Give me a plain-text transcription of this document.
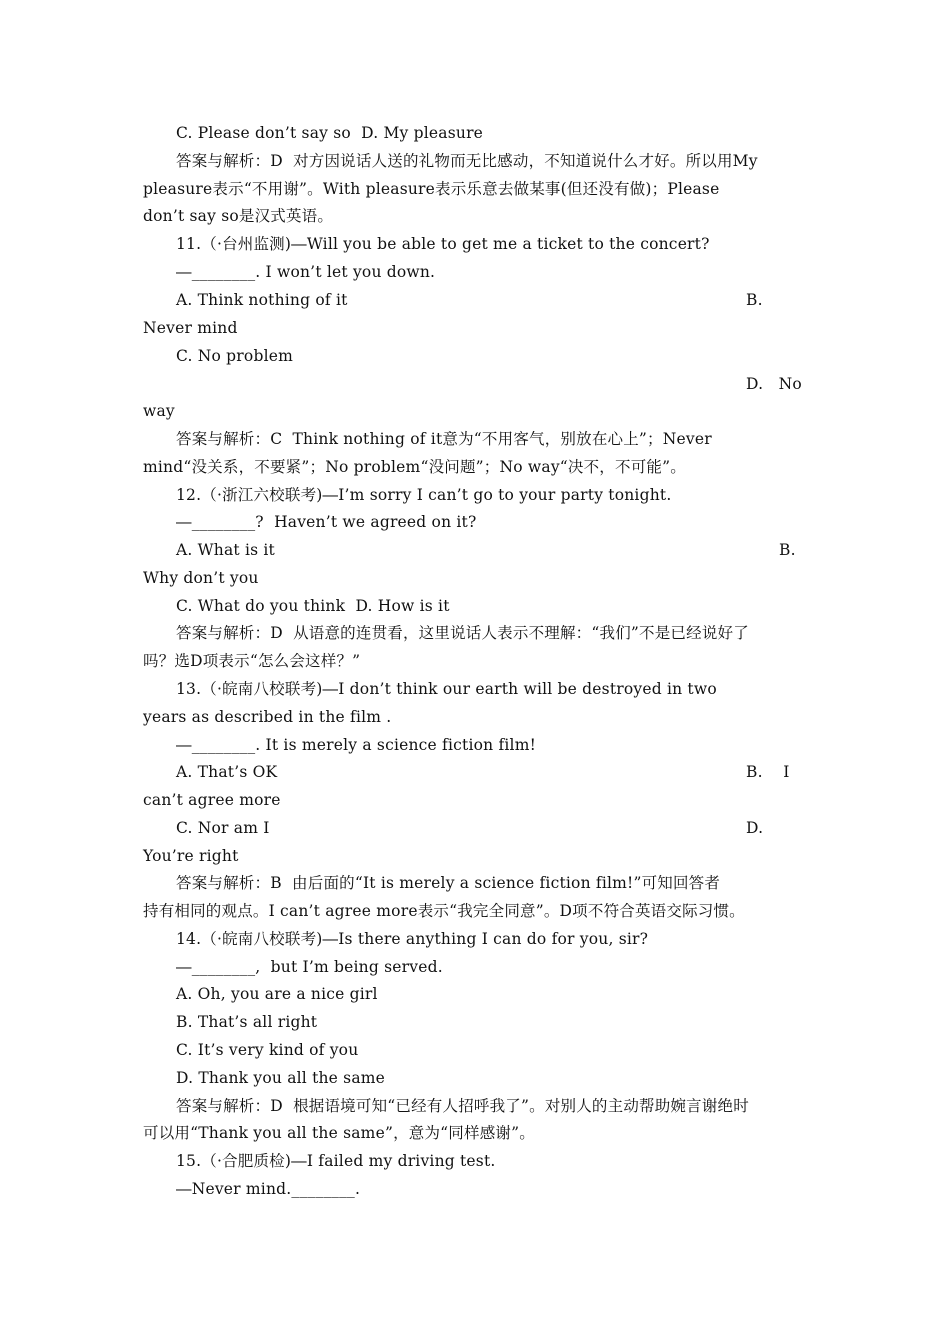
C. Please don’t say so  D. My pleasure
答案与解析：D  对方因说话人送的礼物而无比感动，不知道说什么才好。所以用My
pleasure表示“不用谢”。With pleasure表示乐意去做某事(但还没有做)；Please
don’t say so是汉式英语。
11.（·台州监测)―Will you be able to get me a ticket to the concert?
―________. I won’t let you down.
A. Think nothing of it	B.
Never mind
C. No problem
D.   No
way
答案与解析：C  Think nothing of it意为“不用客气，别放在心上”；Never
mind“没关系，不要紧”；No problem“没问题”；No way“决不，不可能”。
12.（·浙江六校联考)―I’m sorry I can’t go to your party tonight.
―________?  Haven’t we agreed on it?
A. What is it	B.
Why don’t you
C. What do you think  D. How is it
答案与解析：D  从语意的连贯看，这里说话人表示不理解：“我们”不是已经说好了
吗？选D项表示“怎么会这样？”
13.（·皖南八校联考)―I don’t think our earth will be destroyed in two
years as described in the film .
―________. It is merely a science fiction film!
A. That’s OK	B.    I
can’t agree more
C. Nor am I	D.
You’re right
答案与解析：B  由后面的“It is merely a science fiction film!”可知回答者
持有相同的观点。I can’t agree more表示“我完全同意”。D项不符合英语交际习惯。
14.（·皖南八校联考)―Is there anything I can do for you, sir?
―________,  but I’m being served.
A. Oh, you are a nice girl
B. That’s all right
C. It’s very kind of you
D. Thank you all the same
答案与解析：D  根据语境可知“已经有人招呼我了”。对别人的主动帮助婉言谢绝时
可以用“Thank you all the same”，意为“同样感谢”。
15.（·合肥质检)―I failed my driving test.
―Never mind.________.
